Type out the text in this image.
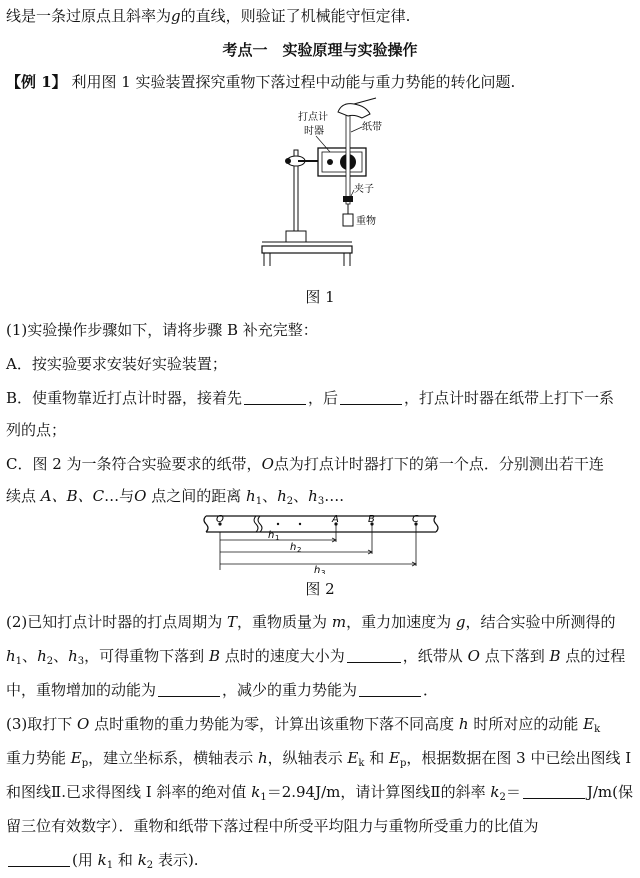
线是一条过原点且斜率为g的直线，则验证了机械能守恒定律.
考点一　实验原理与实验操作
【例 1】 利用图 1 实验装置探究重物下落过程中动能与重力势能的转化问题.
打点计
时器	纸带
夹子
重物
图 1
(1)实验操作步骤如下，请将步骤 B 补充完整：
A．按实验要求安装好实验装置；
B．使重物靠近打点计时器，接着先	，后	，打点计时器在纸带上打下一系
列的点；
C．图 2 为一条符合实验要求的纸带，O点为打点计时器打下的第一个点．分别测出若干连
续点 A、B、C…与O 点之间的距离 $h_1$、$h_2$、$h_3\dots$.
O	A	B	C
h 1
h 2
h 3
图 2
(2)已知打点计时器的打点周期为 T，重物质量为 m，重力加速度为 g，结合实验中所测得的
$h_1$、$h_2$、$h_3$，可得重物下落到 B 点时的速度大小为	，纸带从 O 点下落到 B 点的过程
中，重物增加的动能为	，减少的重力势能为	．
(3)取打下 O 点时重物的重力势能为零，计算出该重物下落不同高度 h 时所对应的动能 $E_k$
重力势能 $E_p$，建立坐标系，横轴表示 h，纵轴表示 $E_k$ 和 $E_p$，根据数据在图 3 中已绘出图线 Ⅰ
和图线Ⅱ.已求得图线 Ⅰ 斜率的绝对值 $k_1=2.94J/m$，请计算图线Ⅱ的斜率 $k_2=$	J/m(保
留三位有效数字）．重物和纸带下落过程中所受平均阻力与重物所受重力的比值为
(用 $k_1$ 和 $k_2$ 表示).
